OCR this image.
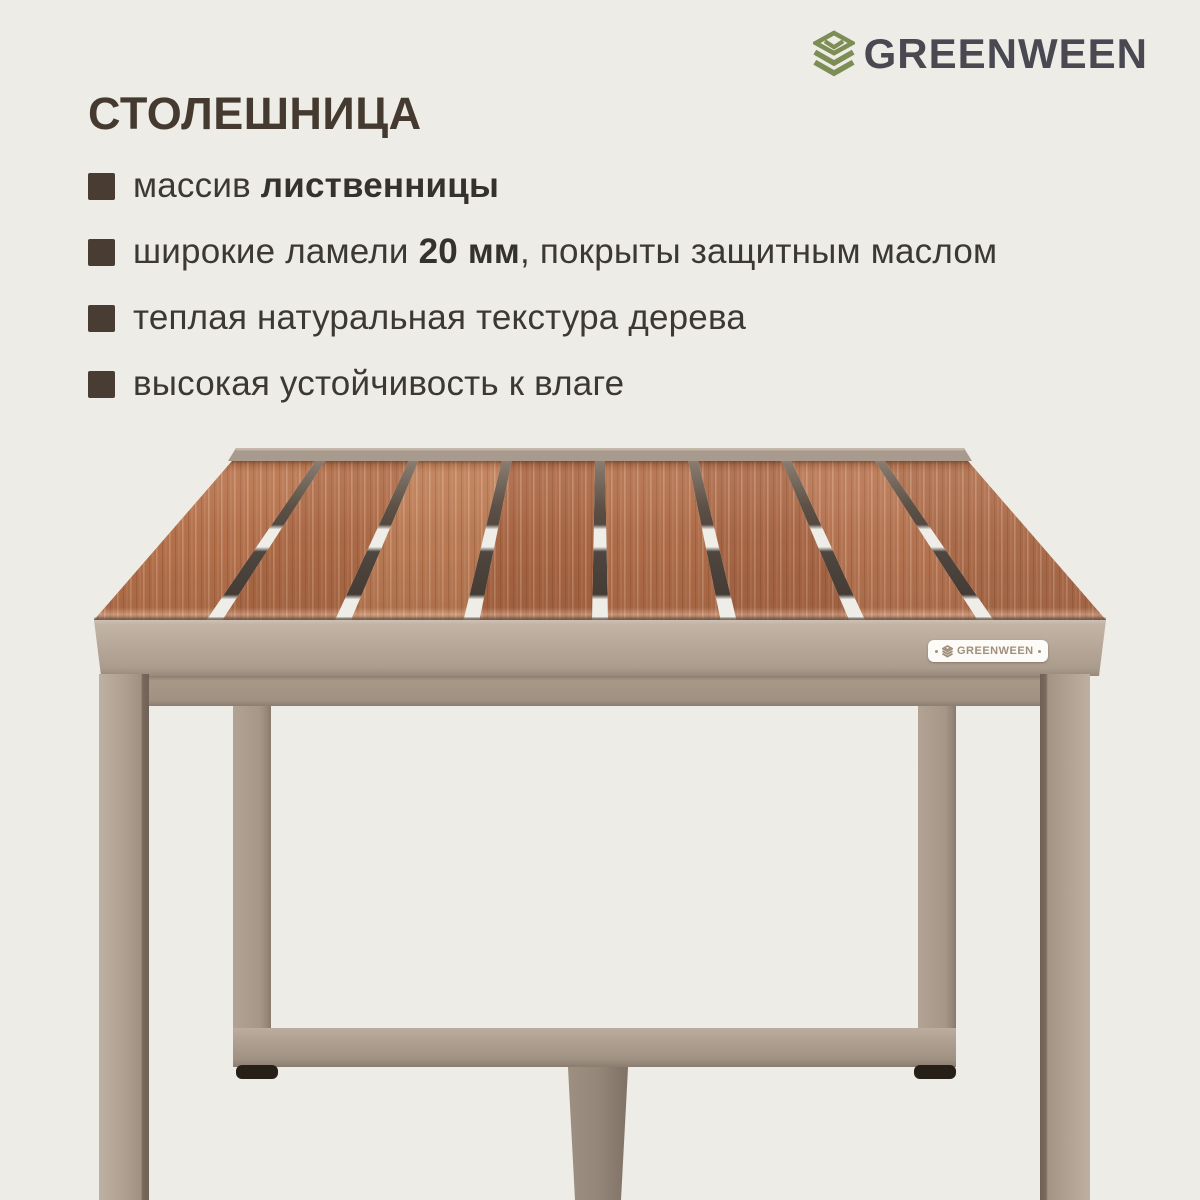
GREENWEEN
СТОЛЕШНИЦА

массив лиственницы

широкие ламели 20 мм, покрыты защитным маслом

теплая натуральная текстура дерева

высокая устойчивость к влаге

GREENWEEN
